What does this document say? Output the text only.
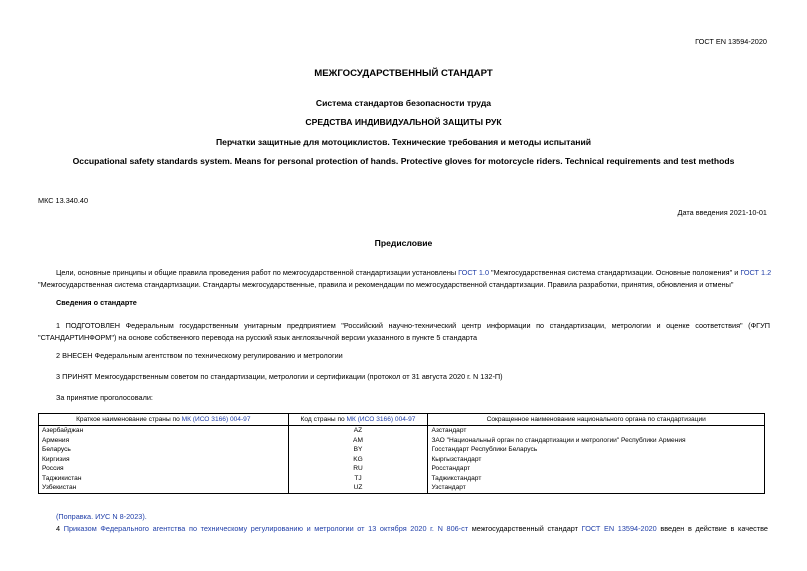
ГОСТ EN 13594-2020
МЕЖГОСУДАРСТВЕННЫЙ СТАНДАРТ
Система стандартов безопасности труда
СРЕДСТВА ИНДИВИДУАЛЬНОЙ ЗАЩИТЫ РУК
Перчатки защитные для мотоциклистов. Технические требования и методы испытаний
Occupational safety standards system. Means for personal protection of hands. Protective gloves for motorcycle riders. Technical requirements and test methods
МКС 13.340.40
Дата введения 2021-10-01
Предисловие
Цели, основные принципы и общие правила проведения работ по межгосударственной стандартизации установлены ГОСТ 1.0 "Межгосударственная система стандартизации. Основные положения" и ГОСТ 1.2
"Межгосударственная система стандартизации. Стандарты межгосударственные, правила и рекомендации по межгосударственной стандартизации. Правила разработки, принятия, обновления и отмены"
Сведения о стандарте
1 ПОДГОТОВЛЕН Федеральным государственным унитарным предприятием "Российский научно-технический центр информации по стандартизации, метрологии и оценке соответствия" (ФГУП
"СТАНДАРТИНФОРМ") на основе собственного перевода на русский язык англоязычной версии указанного в пункте 5 стандарта
2 ВНЕСЕН Федеральным агентством по техническому регулированию и метрологии
3 ПРИНЯТ Межгосударственным советом по стандартизации, метрологии и сертификации (протокол от 31 августа 2020 г. N 132-П)
За принятие проголосовали:
Краткое наименование страны по МК (ИСО 3166) 004-97	Код страны по МК (ИСО 3166) 004-97	Сокращенное наименование национального органа по стандартизации
Азербайджан	AZ	Азстандарт
Армения	AM	ЗАО "Национальный орган по стандартизации и метрологии" Республики Армения
Беларусь	BY	Госстандарт Республики Беларусь
Киргизия	KG	Кыргызстандарт
Россия	RU	Росстандарт
Таджикистан	TJ	Таджикстандарт
Узбекистан	UZ	Узстандарт
(Поправка. ИУС N 8-2023).
4 Приказом Федерального агентства по техническому регулированию и метрологии от 13 октября 2020 г. N 806-ст межгосударственный стандарт ГОСТ EN 13594-2020 введен в действие в качестве
